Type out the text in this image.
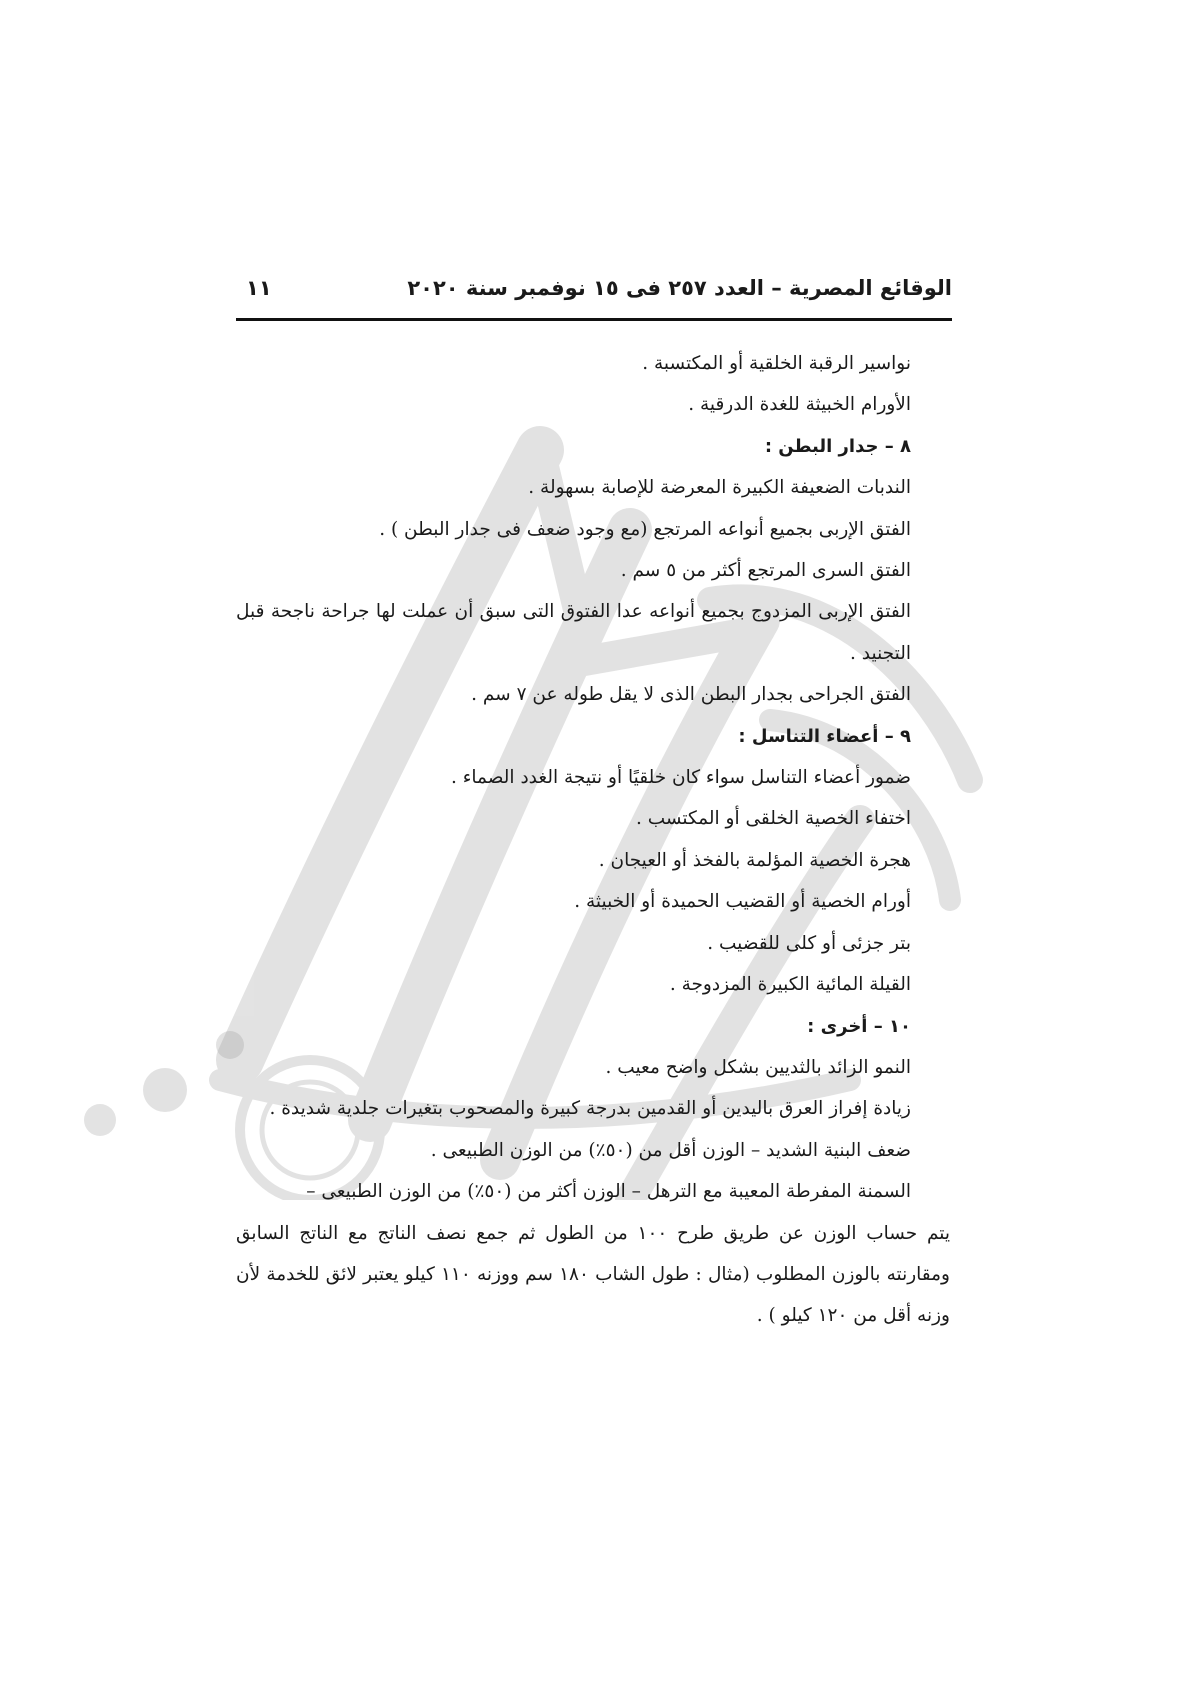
الوقائع المصرية – العدد ٢٥٧ فى ١٥ نوفمبر سنة ٢٠٢٠
١١
نواسير الرقبة الخلقية أو المكتسبة .
الأورام الخبيثة للغدة الدرقية .
٨ – جدار البطن :
الندبات الضعيفة الكبيرة المعرضة للإصابة بسهولة .
الفتق الإربى بجميع أنواعه المرتجع (مع وجود ضعف فى جدار البطن ) .
الفتق السرى المرتجع أكثر من ٥ سم .
الفتق الإربى المزدوج بجميع أنواعه عدا الفتوق التى سبق أن عملت لها جراحة ناجحة قبل التجنيد .
الفتق الجراحى بجدار البطن الذى لا يقل طوله عن ٧ سم .
٩ – أعضاء التناسل :
ضمور أعضاء التناسل سواء كان خلقيًا أو نتيجة الغدد الصماء .
اختفاء الخصية الخلقى أو المكتسب .
هجرة الخصية المؤلمة بالفخذ أو العيجان .
أورام الخصية أو القضيب الحميدة أو الخبيثة .
بتر جزئى أو كلى للقضيب .
القيلة المائية الكبيرة المزدوجة .
١٠ – أخرى :
النمو الزائد بالثديين بشكل واضح معيب .
زيادة إفراز العرق باليدين أو القدمين بدرجة كبيرة والمصحوب بتغيرات جلدية شديدة .
ضعف البنية الشديد – الوزن أقل من (٥٠٪) من الوزن الطبيعى .
السمنة المفرطة المعيبة مع الترهل – الوزن أكثر من (٥٠٪) من الوزن الطبيعى –
يتم حساب الوزن عن طريق طرح ١٠٠ من الطول ثم جمع نصف الناتج مع الناتج السابق ومقارنته بالوزن المطلوب (مثال : طول الشاب ١٨٠ سم ووزنه ١١٠ كيلو يعتبر لائق للخدمة لأن وزنه أقل من ١٢٠ كيلو ) .
